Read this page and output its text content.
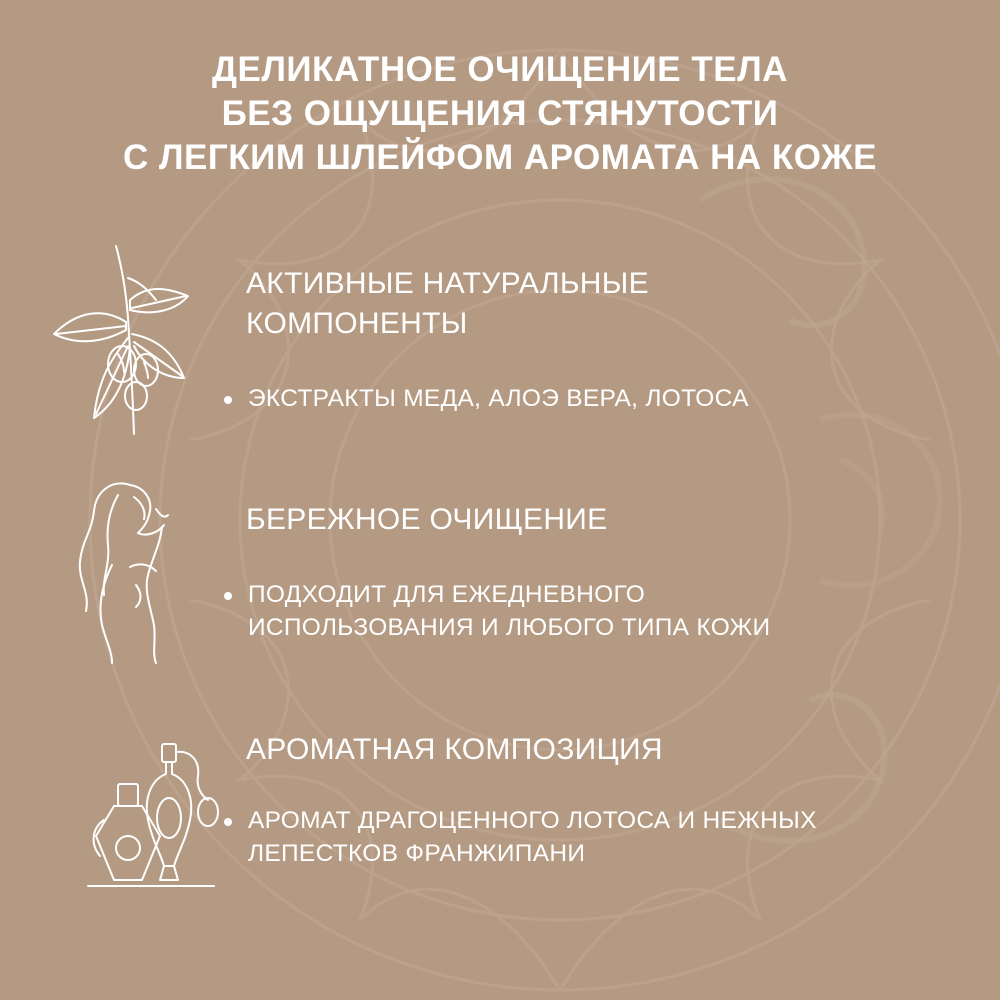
ДЕЛИКАТНОЕ ОЧИЩЕНИЕ ТЕЛА
БЕЗ ОЩУЩЕНИЯ СТЯНУТОСТИ
С ЛЕГКИМ ШЛЕЙФОМ АРОМАТА НА КОЖЕ
АКТИВНЫЕ НАТУРАЛЬНЫЕ
КОМПОНЕНТЫ
ЭКСТРАКТЫ МЕДА, АЛОЭ ВЕРА, ЛОТОСА
БЕРЕЖНОЕ ОЧИЩЕНИЕ
ПОДХОДИТ ДЛЯ ЕЖЕДНЕВНОГО
ИСПОЛЬЗОВАНИЯ И ЛЮБОГО ТИПА КОЖИ
АРОМАТНАЯ КОМПОЗИЦИЯ
АРОМАТ ДРАГОЦЕННОГО ЛОТОСА И НЕЖНЫХ
ЛЕПЕСТКОВ ФРАНЖИПАНИ
